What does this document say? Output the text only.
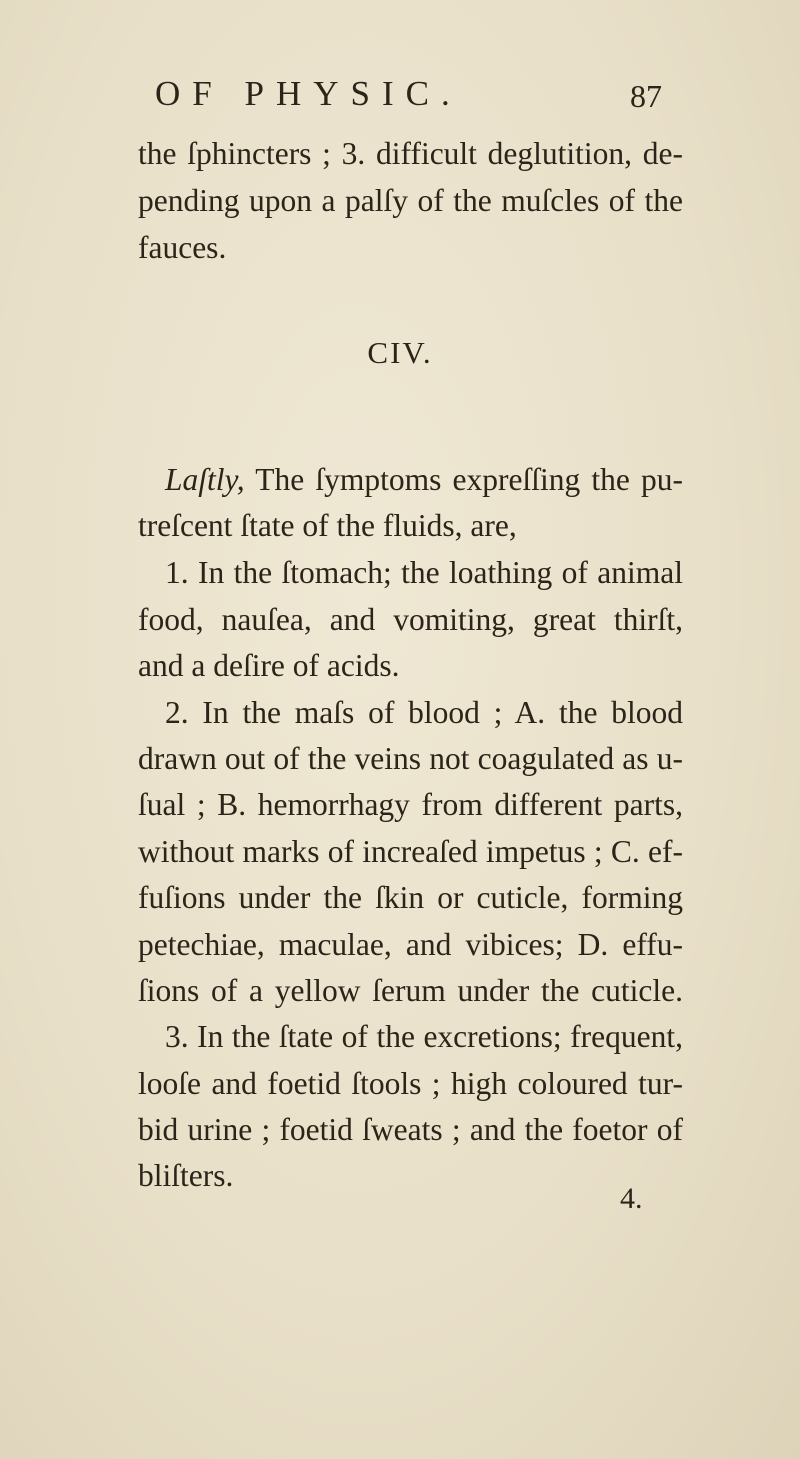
OF PHYSIC.	87
the ſphincters ; 3. difficult deglutition, de-
pending upon a palſy of the muſcles of the
fauces.
CIV.
Laſtly, The ſymptoms expreſſing the pu-
treſcent ſtate of the fluids, are,
1. In the ſtomach; the loathing of animal
food, nauſea, and vomiting, great thirſt,
and a deſire of acids.
2. In the maſs of blood ; A. the blood
drawn out of the veins not coagulated as u-
ſual ; B. hemorrhagy from different parts,
without marks of increaſed impetus ; C. ef-
fuſions under the ſkin or cuticle, forming
petechiae, maculae, and vibices; D. effu-
ſions of a yellow ſerum under the cuticle.
3. In the ſtate of the excretions; frequent,
looſe and foetid ſtools ; high coloured tur-
bid urine ; foetid ſweats ; and the foetor of
bliſters.
4.
